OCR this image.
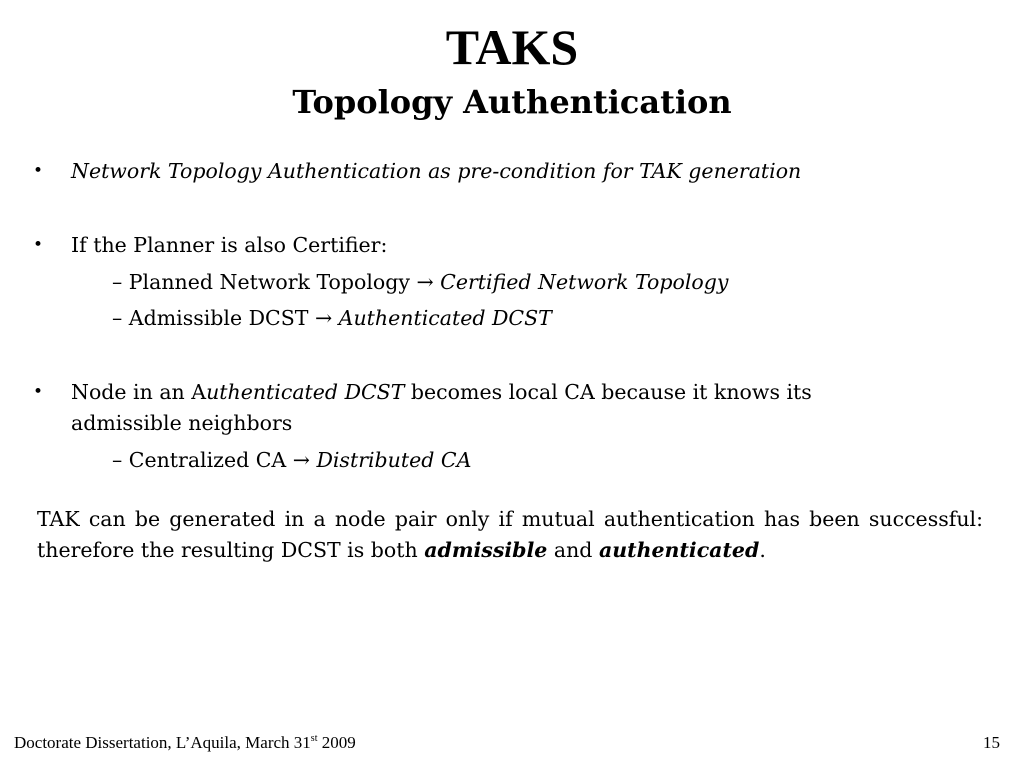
TAKS
Topology Authentication
• Network Topology Authentication as pre-condition for TAK generation
• If the Planner is also Certifier:
– Planned Network Topology → Certified Network Topology
– Admissible DCST → Authenticated DCST
• Node in an Authenticated DCST becomes local CA because it knows its admissible neighbors
– Centralized CA → Distributed CA

TAK can be generated in a node pair only if mutual authentication has been successful: therefore the resulting DCST is both admissible and authenticated.

Doctorate Dissertation, L’Aquila, March 31st 2009	15
